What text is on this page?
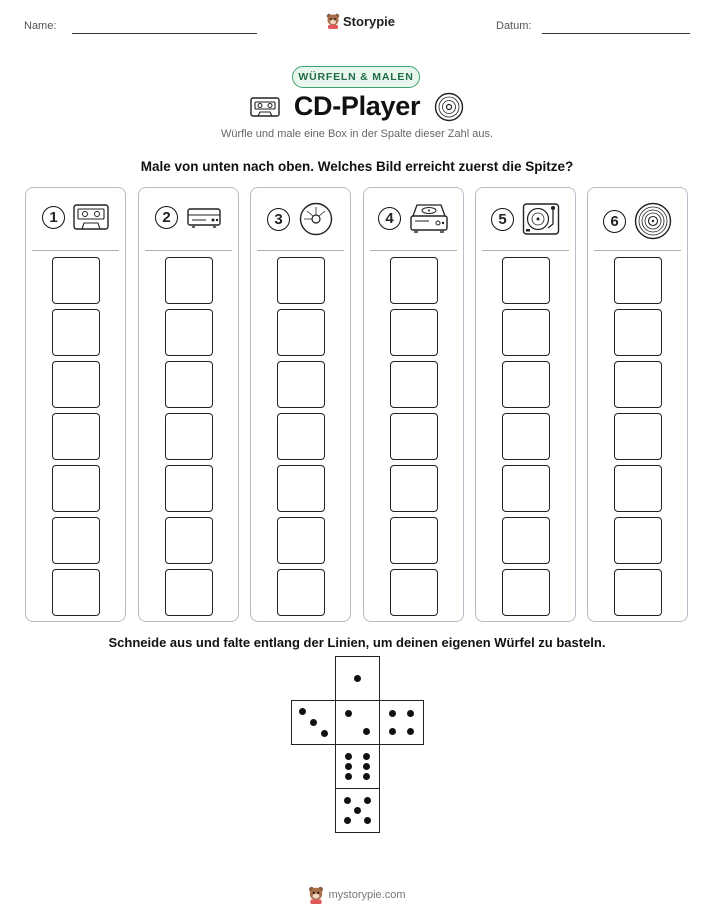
Name:	Storypie	Datum:
WÜRFELN & MALEN
CD-Player
Würfle und male eine Box in der Spalte dieser Zahl aus.
Male von unten nach oben. Welches Bild erreicht zuerst die Spitze?
1	2	3	4	5	6
Schneide aus und falte entlang der Linien, um deinen eigenen Würfel zu basteln.
mystorypie.com
